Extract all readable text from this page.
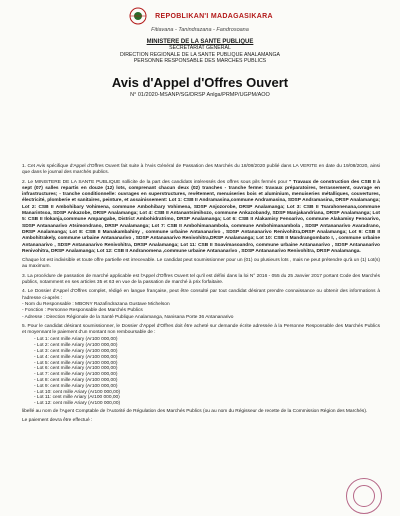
REPOBLIKAN'I MADAGASIKARA
Fitiavana - Tanindrazana - Fandrosoana
MINISTERE DE LA SANTE PUBLIQUE
SECRETARIAT GENERAL
DIRECTION REGIONALE DE LA SANTE PUBLIQUE ANALAMANGA
PERSONNE RESPONSABLE DES MARCHES PUBLICS
Avis d'Appel d'Offres Ouvert
N° 01/2020-MSANP/SG/DRSP Anlga/PRMP/UGPM/AOO

1. Cet Avis spécifique d'Appel d'Offres Ouvert fait suite à l'Avis Général de Passation des Marchés du 18/08/2020 publié dans LA VERITE en date du 19/08/2020, ainsi que dans le journal des marchés publics.

2. Le MINISTERE DE LA SANTE PUBLIQUE sollicite de la part des candidats intéressés des offres sous pils fermés pour " Travaux de construction des CSB II à sept (07) salles repartis en douze (12) lots, comprenant chacun deux (02) tranches - tranche ferme: travaux préparatoires, terrassement, ouvrage en infrastructures; - tranche conditionnelle: ouvrages en superstructures, revêtement, menuiseries bois et aluminium, menuiseries métalliques, couvertures, électricité, plomberie et sanitaires, peinture, et assainissement: Lot 1: CSB II Andramasina,commune Andramasina, SDSP Andramasina, DRSP Analamanga; Lot 2: CSB II Ambohibary Vohimena, commune Ambohibary Vohimena, SDSP Anjozorobe, DRSP Analamanga; Lot 3: CSB II Tsarahonenana,commune Manarintsoa, SDSP Ankazobe, DRSP Analamanga; Lot 4: CSB II Antanantsimihozo, commune Ankazobandy, SDSP Manjakandriana, DRSP Analamanga; Lot 5: CSB II Ilokanja,commune Ampangabe, District Ambohidratrimo, DRSP Analamanga; Lot 6: CSB II Alakamisy Fenoarivo, commune Alakamisy Fenoarivo, SDSP Antananarivo Atsimondrano, DRSP Analamanga; Lot 7: CSB II Ambohimanambola, commune Ambohimanambola , SDSP Antananarivo Avaradrano, DRSP Analamanga; Lot 8: CSB II Manakambahiny , commune urbaine Antananarivo , SDSP Antananarivo Renivohitra,DRSP Analamanga; Lot 9: CSB II Ambohitrakely, commune urbaine Antananarivo , SDSP Antananarivo Renivohitra,DRSP Analamanga; Lot 10: CSB II Mandrangombato I, , commune urbaine Antananarivo , SDSP Antananarivo Renivohitra, DRSP Analamanga; Lot 11: CSB II Soavimasoandro, commune urbaine Antananarivo , SDSP Antananarivo Renivohitra, DRSP Analamanga; Lot 12: CSB II Andranomena ,commune urbaine Antananarivo , SDSP Antananarivo Renivohitra, DRSP Analamanga.

Chaque lot est indivisible et toute offre partielle est irrecevable. Le candidat peut soumissionner pour un (01) ou plusieurs lots , mais ne peut prétendre qu'à un (1) Lot(s) au maximum.

3. La procédure de passation de marché applicable est l'Appel d'Offres Ouvert tel qu'il est défini dans la loi N° 2016 - 055 du 25 Janvier 2017 portant Code des Marchés publics, notamment en ses articles 35 et 63 en vue de la passation de marché à prix forfaitaire.

4. Le Dossier d'Appel d'Offres complet, rédigé en langue française, peut être consulté par tout candidat désirant prendre connaissance ou obtenir des informations à l'adresse ci-après :

- Nom du Responsable : MBONY Razafindrazana Gustave Michelson
- Fonction : Personne Responsable des Marchés Publics

- Adresse : Direction Régionale de la Santé Publique Analamanga, Nanisana Porte 36 Antananarivo

5. Pour le candidat désirant soumissionner, le Dossier d'Appel d'Offres doit être acheté sur demande écrite adressée à la Personne Responsable des Marchés Publics et moyennant le paiement d'un montant non remboursable de :

- Lot 1: cent mille Ariary (Ar100 000,00)
- Lot 2: cent mille Ariary (Ar100 000,00)
- Lot 3: cent mille Ariary (Ar100 000,00)
- Lot 4: cent mille Ariary (Ar100 000,00)
- Lot 5: cent mille Ariary (Ar100 000,00)
- Lot 6: cent mille Ariary (Ar100 000,00)
- Lot 7: cent mille Ariary (Ar100 000,00)
- Lot 8: cent mille Ariary (Ar100 000,00)
- Lot 9: cent mille Ariary (Ar100 000,00)
- Lot 10: cent mille Ariary (Ar100 000,00)
- Lot 11: cent mille Ariary (Ar100 000,00)
- Lot 12: cent mille Ariary (Ar100 000,00)

libellé au nom de l'Agent Comptable de l'Autorité de Régulation des Marchés Publics (ou au nom du Régisseur de recette de la Commission Région des Marchés).

Le paiement devra être effectué :
